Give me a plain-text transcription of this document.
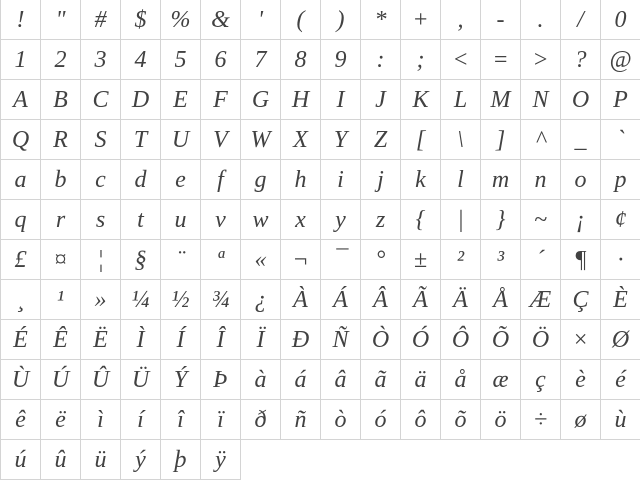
! " # $ % & ' ( ) * + , - . / 0
1 2 3 4 5 6 7 8 9 : ; < = > ? @
A B C D E F G H I J K L M N O P
Q R S T U V W X Y Z [ \ ] ^ _ `
a b c d e f g h i j k l m n o p
q r s t u v w x y z { | } ~ ¡ ¢
£ ¤ ¦ § ¨ ª « ¬ ¯ ° ± ² ³ ´ ¶ ·
¸ ¹ » ¼ ½ ¾ ¿ À Á Â Ã Ä Å Æ Ç È
É Ê Ë Ì Í Î Ï Ð Ñ Ò Ó Ô Õ Ö × Ø
Ù Ú Û Ü Ý Þ à á â ã ä å æ ç è é
ê ë ì í î ï ð ñ ò ó ô õ ö ÷ ø ù
ú û ü ý þ ÿ
